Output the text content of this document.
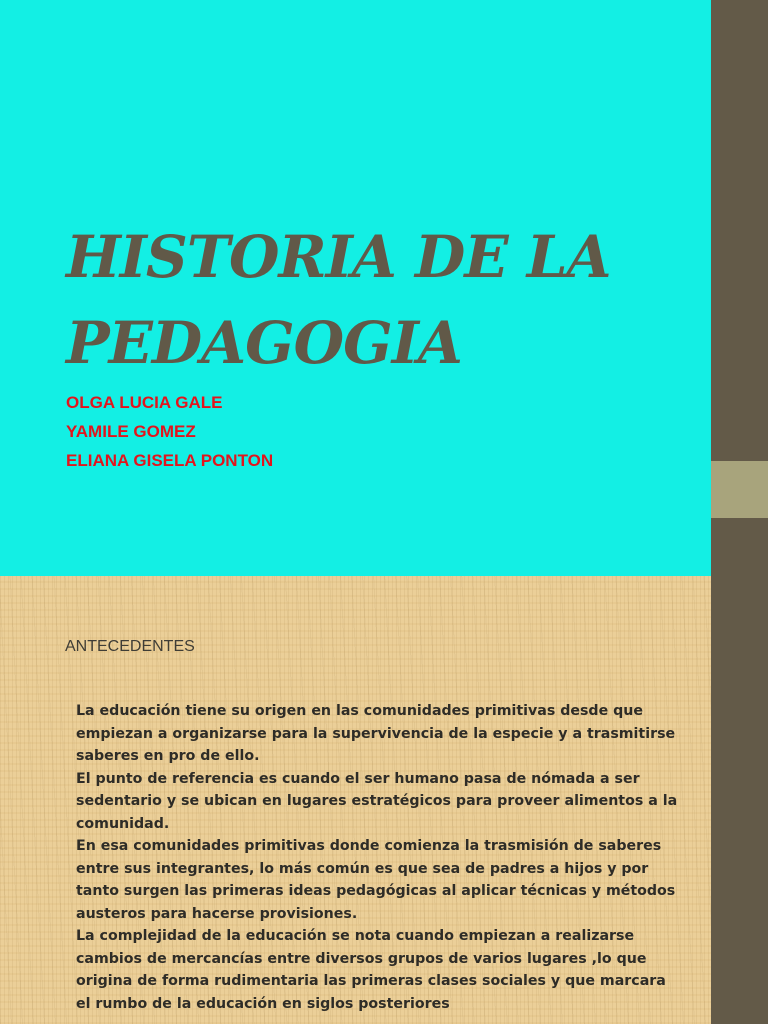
HISTORIA DE LA
PEDAGOGIA
OLGA LUCIA GALE
YAMILE GOMEZ
ELIANA GISELA PONTON
ANTECEDENTES

La educación tiene su origen en las comunidades primitivas desde que empiezan a organizarse para la supervivencia de la especie y a trasmitirse saberes en pro de ello.

El punto de referencia es cuando el ser humano pasa de nómada a ser sedentario y se ubican en lugares estratégicos para proveer alimentos a la comunidad.

En esa comunidades primitivas donde comienza la trasmisión de saberes entre sus integrantes, lo más común es que sea de padres a hijos y por tanto surgen las primeras ideas pedagógicas al aplicar técnicas y métodos austeros para hacerse provisiones.

La complejidad de la educación se nota cuando empiezan a realizarse cambios de mercancías entre diversos grupos de varios lugares ,lo que origina de forma rudimentaria las primeras clases sociales y que marcara el rumbo de la educación en siglos posteriores
